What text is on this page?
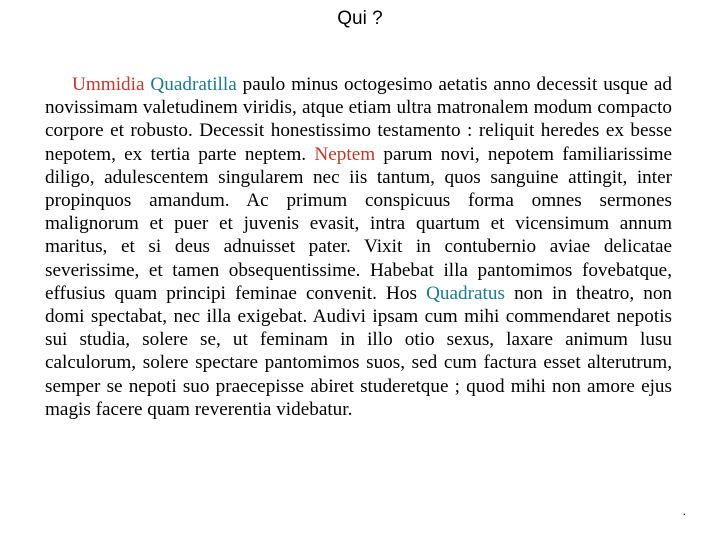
Qui ?

Ummidia Quadratilla paulo minus octogesimo aetatis anno decessit usque ad novissimam valetudinem viridis, atque etiam ultra matronalem modum compacto corpore et robusto. Decessit honestissimo testamento : reliquit heredes ex besse nepotem, ex tertia parte neptem. Neptem parum novi, nepotem familiarissime diligo, adulescentem singularem nec iis tantum, quos sanguine attingit, inter propinquos amandum. Ac primum conspicuus forma omnes sermones malignorum et puer et juvenis evasit, intra quartum et vicensimum annum maritus, et si deus adnuisset pater. Vixit in contubernio aviae delicatae severissime, et tamen obsequentissime. Habebat illa pantomimos fovebatque, effusius quam principi feminae convenit. Hos Quadratus non in theatro, non domi spectabat, nec illa exigebat. Audivi ipsam cum mihi commendaret nepotis sui studia, solere se, ut feminam in illo otio sexus, laxare animum lusu calculorum, solere spectare pantomimos suos, sed cum factura esset alterutrum, semper se nepoti suo praecepisse abiret studeretque ; quod mihi non amore ejus magis facere quam reverentia videbatur.

.
